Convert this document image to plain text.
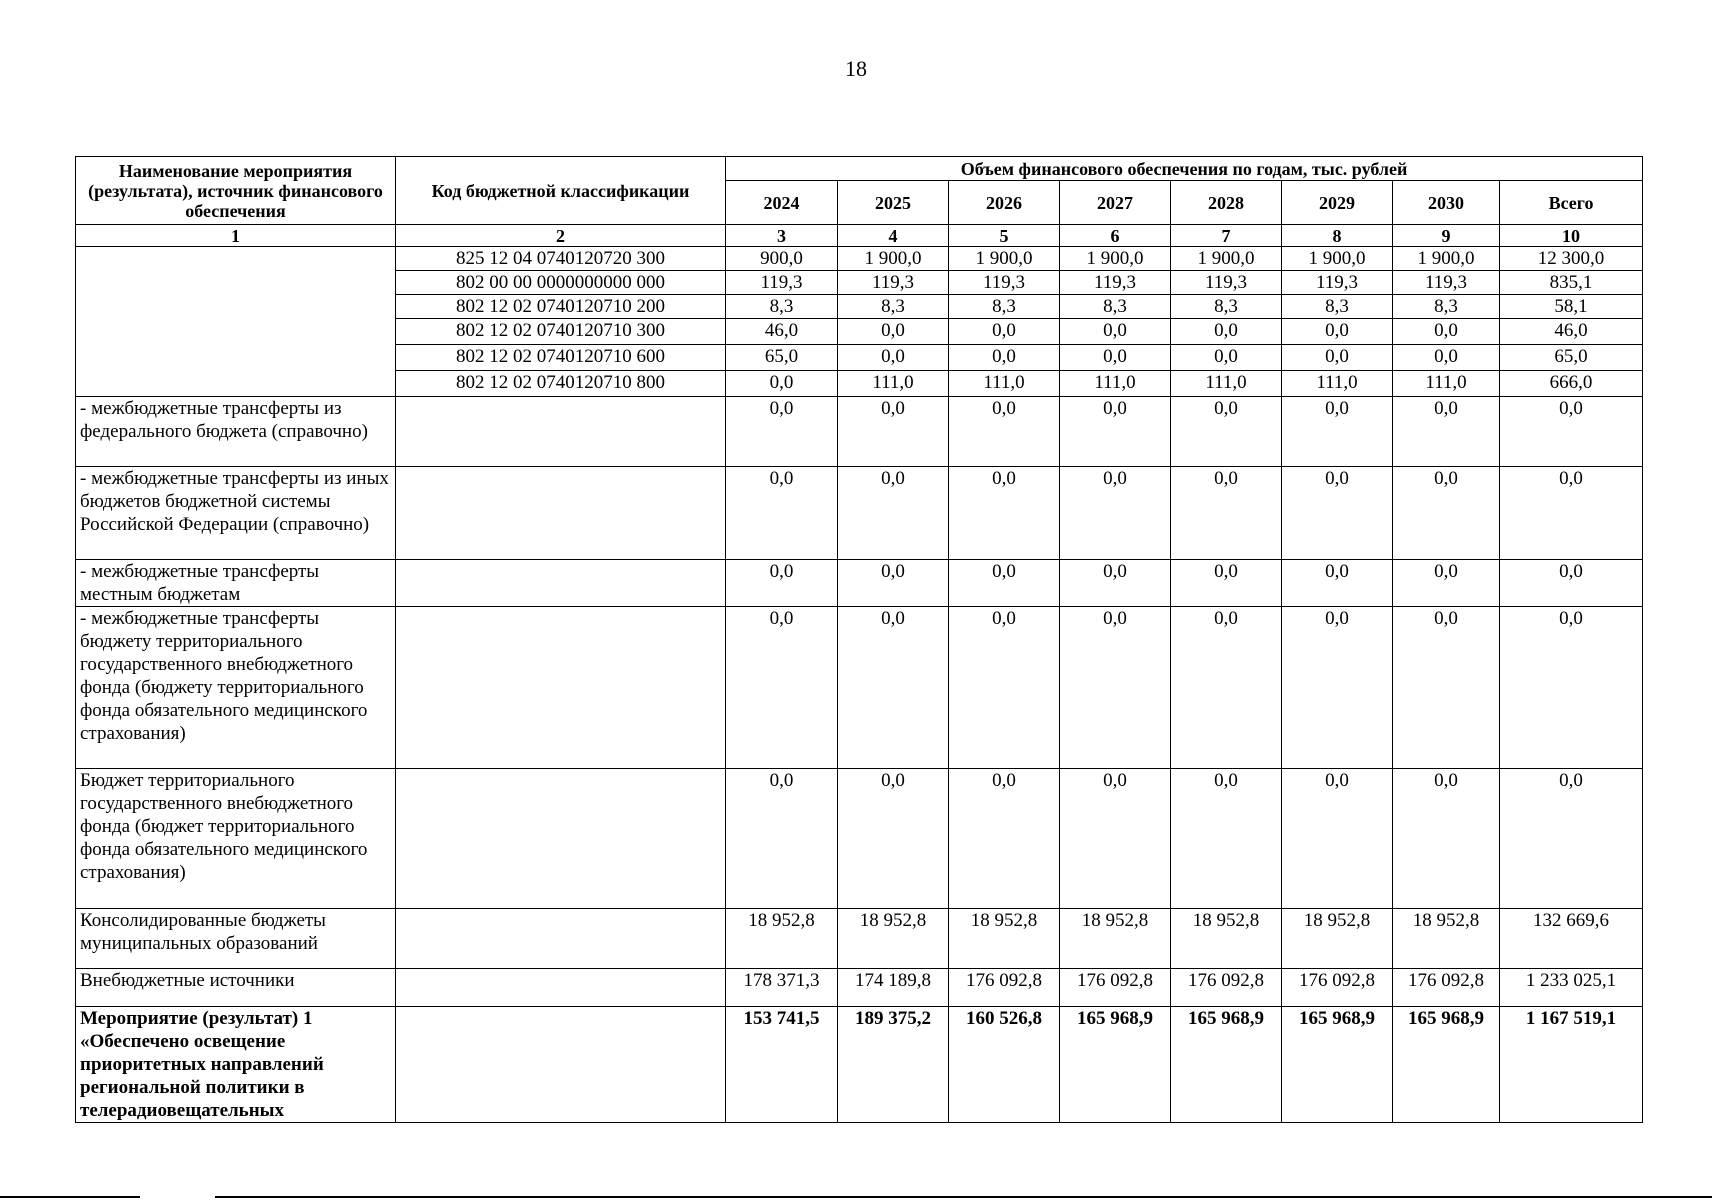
18
Наименование мероприятия (результата), источник финансового обеспечения	Код бюджетной классификации	Объем финансового обеспечения по годам, тыс. рублей							
		2024	2025	2026	2027	2028	2029	2030	Всего
1	2	3	4	5	6	7	8	9	10
	825 12 04 0740120720 300	900,0	1 900,0	1 900,0	1 900,0	1 900,0	1 900,0	1 900,0	12 300,0
	802 00 00 0000000000 000	119,3	119,3	119,3	119,3	119,3	119,3	119,3	835,1
	802 12 02 0740120710 200	8,3	8,3	8,3	8,3	8,3	8,3	8,3	58,1
	802 12 02 0740120710 300	46,0	0,0	0,0	0,0	0,0	0,0	0,0	46,0
	802 12 02 0740120710 600	65,0	0,0	0,0	0,0	0,0	0,0	0,0	65,0
	802 12 02 0740120710 800	0,0	111,0	111,0	111,0	111,0	111,0	111,0	666,0
- межбюджетные трансферты из федерального бюджета (справочно)		0,0	0,0	0,0	0,0	0,0	0,0	0,0	0,0
- межбюджетные трансферты из иных бюджетов бюджетной системы Российской Федерации (справочно)		0,0	0,0	0,0	0,0	0,0	0,0	0,0	0,0
- межбюджетные трансферты местным бюджетам		0,0	0,0	0,0	0,0	0,0	0,0	0,0	0,0
- межбюджетные трансферты бюджету территориального государственного внебюджетного фонда (бюджету территориального фонда обязательного медицинского страхования)		0,0	0,0	0,0	0,0	0,0	0,0	0,0	0,0
Бюджет территориального государственного внебюджетного фонда (бюджет территориального фонда обязательного медицинского страхования)		0,0	0,0	0,0	0,0	0,0	0,0	0,0	0,0
Консолидированные бюджеты муниципальных образований		18 952,8	18 952,8	18 952,8	18 952,8	18 952,8	18 952,8	18 952,8	132 669,6
Внебюджетные источники		178 371,3	174 189,8	176 092,8	176 092,8	176 092,8	176 092,8	176 092,8	1 233 025,1
Мероприятие (результат) 1 «Обеспечено освещение приоритетных направлений региональной политики в телерадиовещательных		153 741,5	189 375,2	160 526,8	165 968,9	165 968,9	165 968,9	165 968,9	1 167 519,1
